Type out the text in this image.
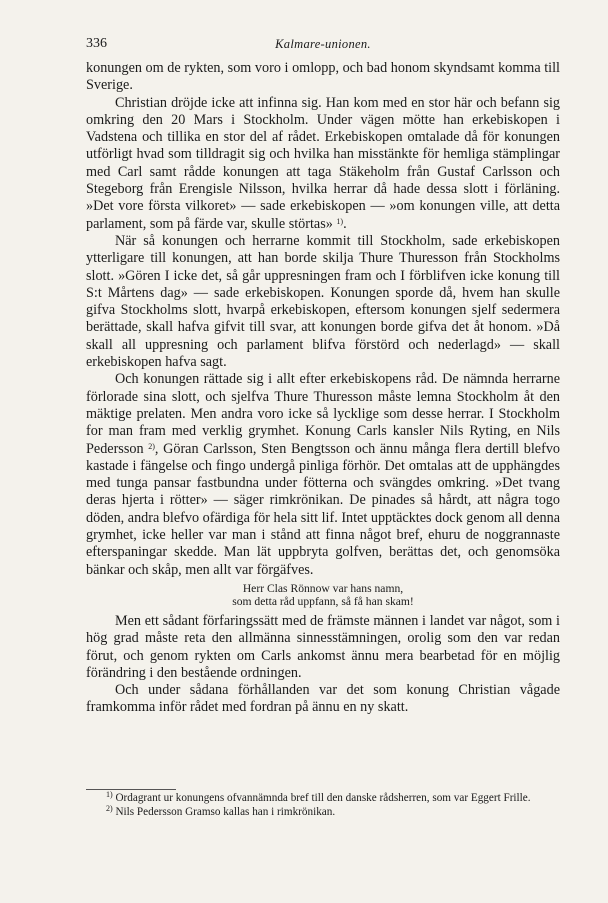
336	Kalmare-unionen.

konungen om de rykten, som voro i omlopp, och bad honom skyndsamt komma till Sverige.

Christian dröjde icke att infinna sig. Han kom med en stor här och befann sig omkring den 20 Mars i Stockholm. Under vägen mötte han erkebiskopen i Vadstena och tillika en stor del af rådet. Erkebiskopen omtalade då för konungen utförligt hvad som tilldragit sig och hvilka han misstänkte för hemliga stämplingar med Carl samt rådde konungen att taga Stäkeholm från Gustaf Carlsson och Stegeborg från Erengisle Nilsson, hvilka herrar då hade dessa slott i förläning. »Det vore första vilkoret» — sade erkebiskopen — »om konungen ville, att detta parlament, som på färde var, skulle störtas» $^{1)}$.

När så konungen och herrarne kommit till Stockholm, sade erkebiskopen ytterligare till konungen, att han borde skilja Thure Thuresson från Stockholms slott. »Gören I icke det, så går uppresningen fram och I förblifven icke konung till S:t Mårtens dag» — sade erkebiskopen. Konungen sporde då, hvem han skulle gifva Stockholms slott, hvarpå erkebiskopen, eftersom konungen sjelf sedermera berättade, skall hafva gifvit till svar, att konungen borde gifva det åt honom. »Då skall all uppresning och parlament blifva förstörd och nederlagd» — skall erkebiskopen hafva sagt.

Och konungen rättade sig i allt efter erkebiskopens råd. De nämnda herrarne förlorade sina slott, och sjelfva Thure Thuresson måste lemna Stockholm åt den mäktige prelaten. Men andra voro icke så lycklige som desse herrar. I Stockholm for man fram med verklig grymhet. Konung Carls kansler Nils Ryting, en Nils Pedersson $^{2)}$, Göran Carlsson, Sten Bengtsson och ännu många flera dertill blefvo kastade i fängelse och fingo undergå pinliga förhör. Det omtalas att de upphängdes med tunga pansar fastbundna under fötterna och svängdes omkring. »Det tvang deras hjerta i rötter» — säger rimkrönikan. De pinades så hårdt, att några togo döden, andra blefvo ofärdiga för hela sitt lif. Intet upptäcktes dock genom all denna grymhet, icke heller var man i stånd att finna något bref, ehuru de noggrannaste efterspaningar skedde. Man lät uppbryta golfven, berättas det, och genomsöka bänkar och skåp, men allt var förgäfves.

Herr Clas Rönnow var hans namn,
som detta råd uppfann, så få han skam!

Men ett sådant förfaringssätt med de främste männen i landet var något, som i hög grad måste reta den allmänna sinnesstämningen, orolig som den var redan förut, och genom rykten om Carls ankomst ännu mera bearbetad för en möjlig förändring i den bestående ordningen.

Och under sådana förhållanden var det som konung Christian vågade framkomma inför rådet med fordran på ännu en ny skatt.

$^{1)}$ Ordagrant ur konungens ofvannämnda bref till den danske rådsherren, som var Eggert Frille.

$^{2)}$ Nils Pedersson Gramso kallas han i rimkrönikan.
